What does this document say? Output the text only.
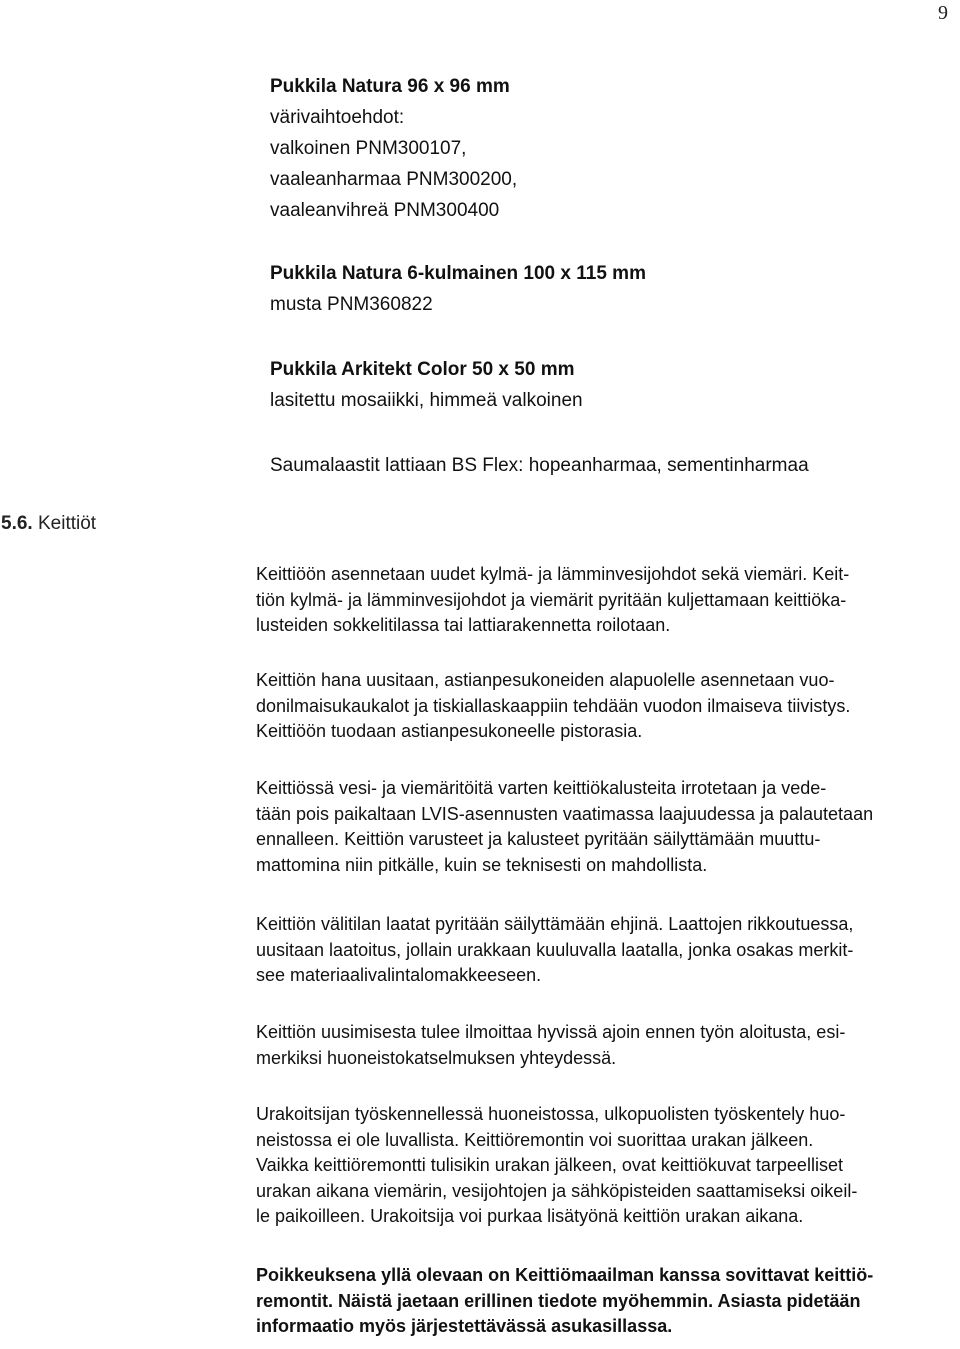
9
Pukkila Natura 96 x 96 mm
värivaihtoehdot:
valkoinen PNM300107,
vaaleanharmaa PNM300200,
vaaleanvihreä PNM300400
Pukkila Natura 6-kulmainen 100 x 115 mm
musta PNM360822
Pukkila Arkitekt Color 50 x 50 mm
lasitettu mosaiikki, himmeä valkoinen
Saumalaastit lattiaan BS Flex: hopeanharmaa, sementinharmaa
5.6. Keittiöt

Keittiöön asennetaan uudet kylmä- ja lämminvesijohdot sekä viemäri. Keit-
tiön kylmä- ja lämminvesijohdot ja viemärit pyritään kuljettamaan keittiöka-
lusteiden sokkelitilassa tai lattiarakennetta roilotaan.

Keittiön hana uusitaan, astianpesukoneiden alapuolelle asennetaan vuo-
donilmaisukaukalot ja tiskiallaskaappiin tehdään vuodon ilmaiseva tiivistys.
Keittiöön tuodaan astianpesukoneelle pistorasia.

Keittiössä vesi- ja viemäritöitä varten keittiökalusteita irrotetaan ja vede-
tään pois paikaltaan LVIS-asennusten vaatimassa laajuudessa ja palautetaan
ennalleen. Keittiön varusteet ja kalusteet pyritään säilyttämään muuttu-
mattomina niin pitkälle, kuin se teknisesti on mahdollista.

Keittiön välitilan laatat pyritään säilyttämään ehjinä. Laattojen rikkoutuessa,
uusitaan laatoitus, jollain urakkaan kuuluvalla laatalla, jonka osakas merkit-
see materiaalivalintalomakkeeseen.

Keittiön uusimisesta tulee ilmoittaa hyvissä ajoin ennen työn aloitusta, esi-
merkiksi huoneistokatselmuksen yhteydessä.

Urakoitsijan työskennellessä huoneistossa, ulkopuolisten työskentely huo-
neistossa ei ole luvallista. Keittiöremontin voi suorittaa urakan jälkeen.
Vaikka keittiöremontti tulisikin urakan jälkeen, ovat keittiökuvat tarpeelliset
urakan aikana viemärin, vesijohtojen ja sähköpisteiden saattamiseksi oikeil-
le paikoilleen. Urakoitsija voi purkaa lisätyönä keittiön urakan aikana.

Poikkeuksena yllä olevaan on Keittiömaailman kanssa sovittavat keittiö-
remontit. Näistä jaetaan erillinen tiedote myöhemmin. Asiasta pidetään
informaatio myös järjestettävässä asukasillassa.
